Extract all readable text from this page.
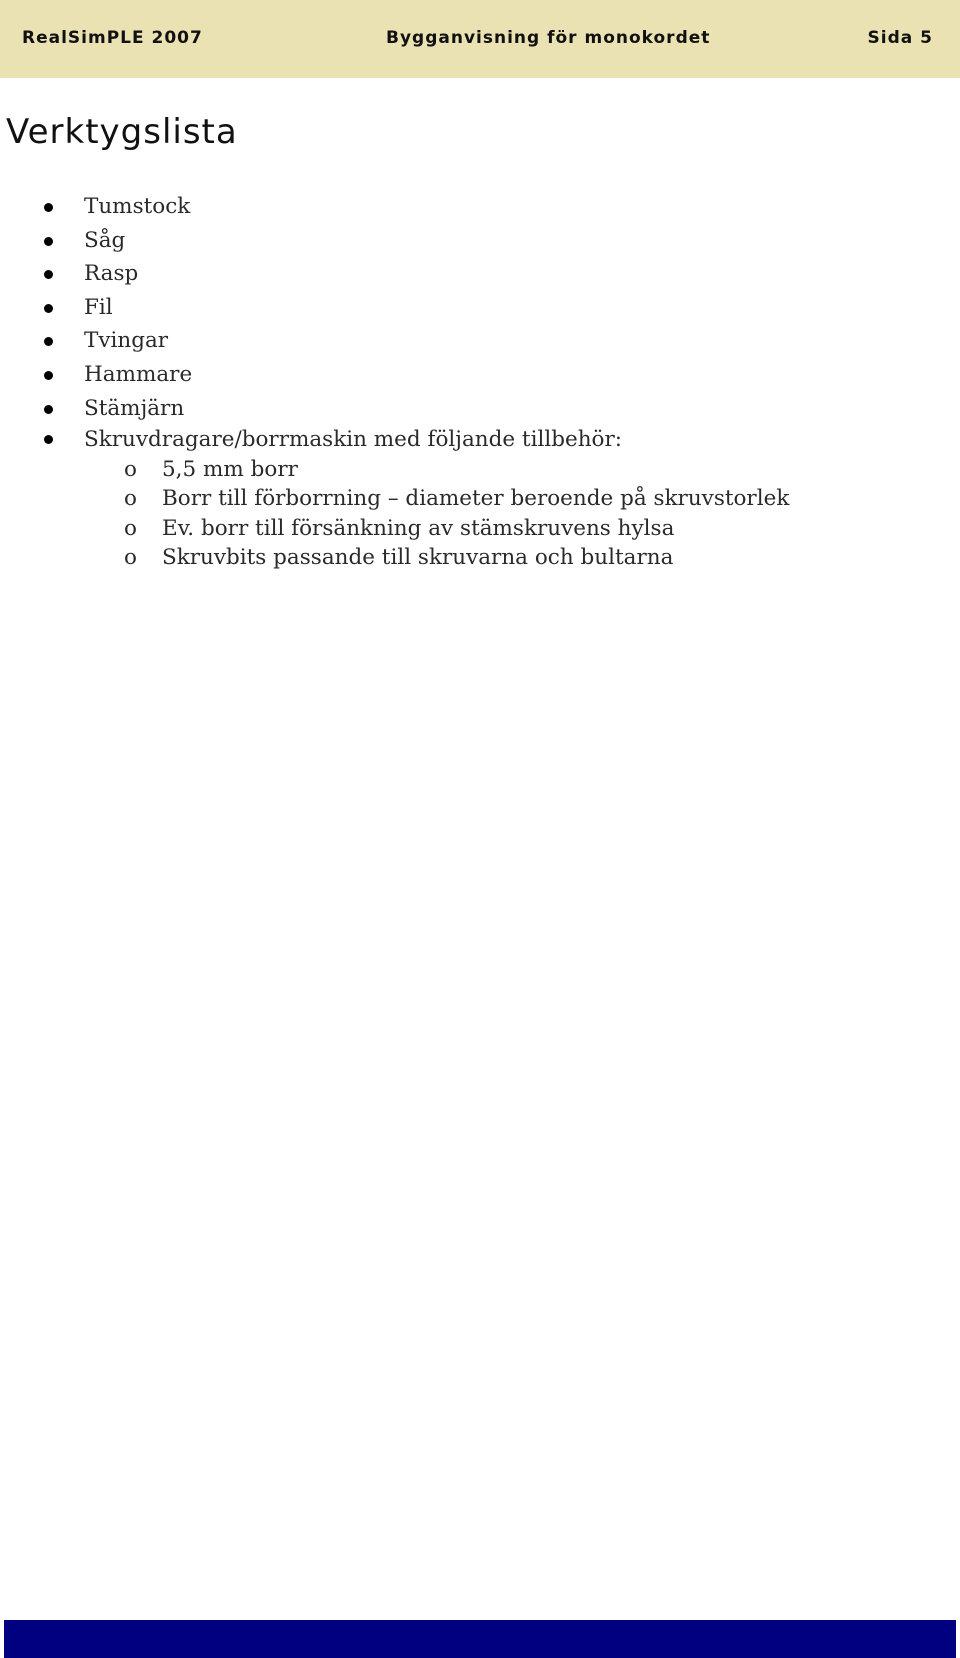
RealSimPLE 2007	Bygganvisning för monokordet	Sida 5
Verktygslista
Tumstock
Såg
Rasp
Fil
Tvingar
Hammare
Stämjärn
Skruvdragare/borrmaskin med följande tillbehör:
o 5,5 mm borr
o Borr till förborrning – diameter beroende på skruvstorlek
o Ev. borr till försänkning av stämskruvens hylsa
o Skruvbits passande till skruvarna och bultarna
